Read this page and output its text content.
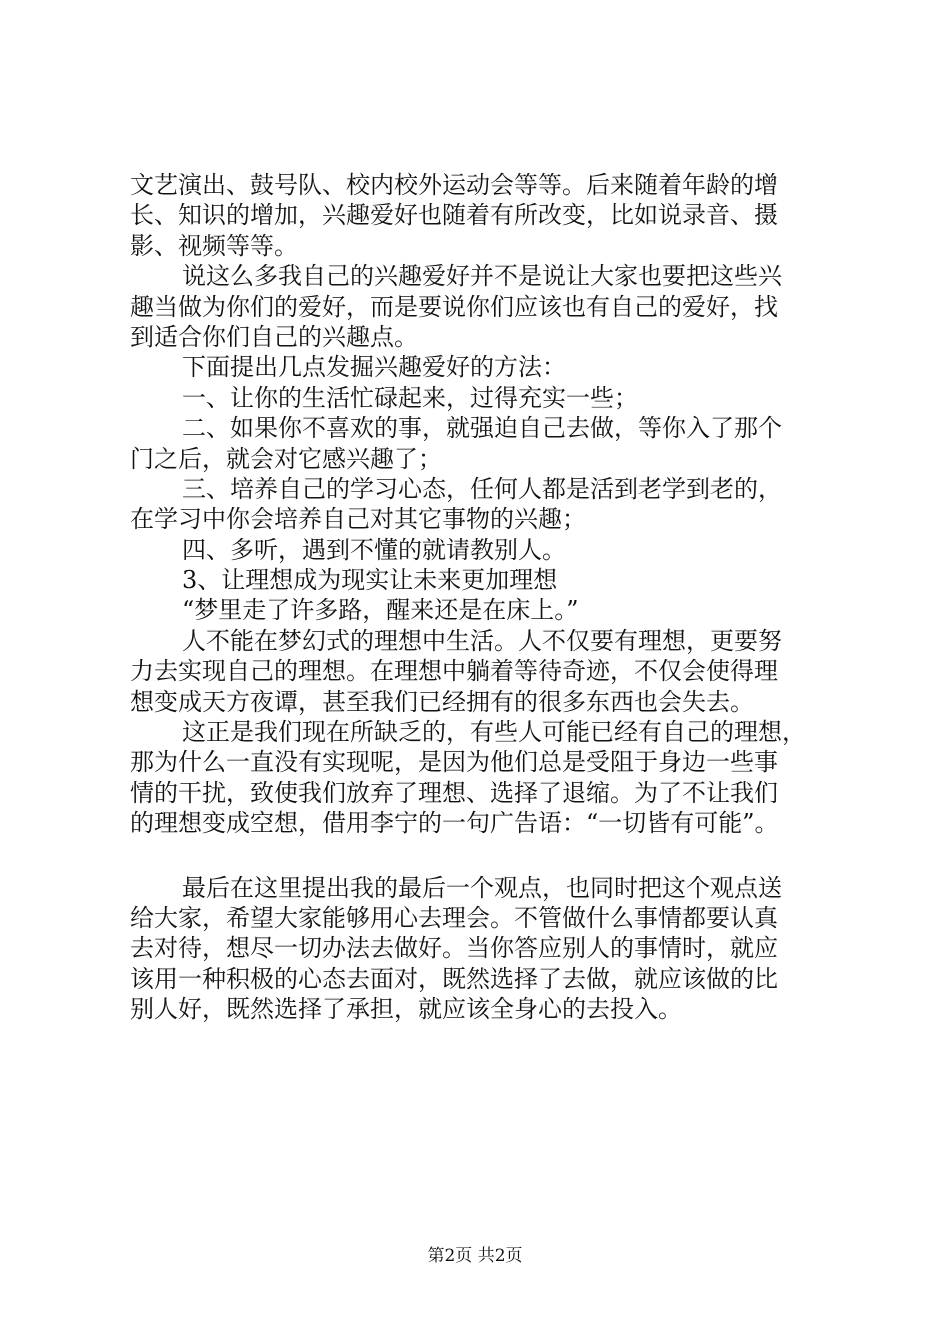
文艺演出、鼓号队、校内校外运动会等等。后来随着年龄的增
长、知识的增加，兴趣爱好也随着有所改变，比如说录音、摄
影、视频等等。
说这么多我自己的兴趣爱好并不是说让大家也要把这些兴
趣当做为你们的爱好，而是要说你们应该也有自己的爱好，找
到适合你们自己的兴趣点。
下面提出几点发掘兴趣爱好的方法：
一、让你的生活忙碌起来，过得充实一些；
二、如果你不喜欢的事，就强迫自己去做，等你入了那个
门之后，就会对它感兴趣了；
三、培养自己的学习心态，任何人都是活到老学到老的，
在学习中你会培养自己对其它事物的兴趣；
四、多听，遇到不懂的就请教别人。
3、让理想成为现实让未来更加理想
“梦里走了许多路，醒来还是在床上。”
人不能在梦幻式的理想中生活。人不仅要有理想，更要努
力去实现自己的理想。在理想中躺着等待奇迹，不仅会使得理
想变成天方夜谭，甚至我们已经拥有的很多东西也会失去。
这正是我们现在所缺乏的，有些人可能已经有自己的理想，
那为什么一直没有实现呢，是因为他们总是受阻于身边一些事
情的干扰，致使我们放弃了理想、选择了退缩。为了不让我们
的理想变成空想，借用李宁的一句广告语：“一切皆有可能”。
最后在这里提出我的最后一个观点，也同时把这个观点送
给大家，希望大家能够用心去理会。不管做什么事情都要认真
去对待，想尽一切办法去做好。当你答应别人的事情时，就应
该用一种积极的心态去面对，既然选择了去做，就应该做的比
别人好，既然选择了承担，就应该全身心的去投入。
第2页 共2页
